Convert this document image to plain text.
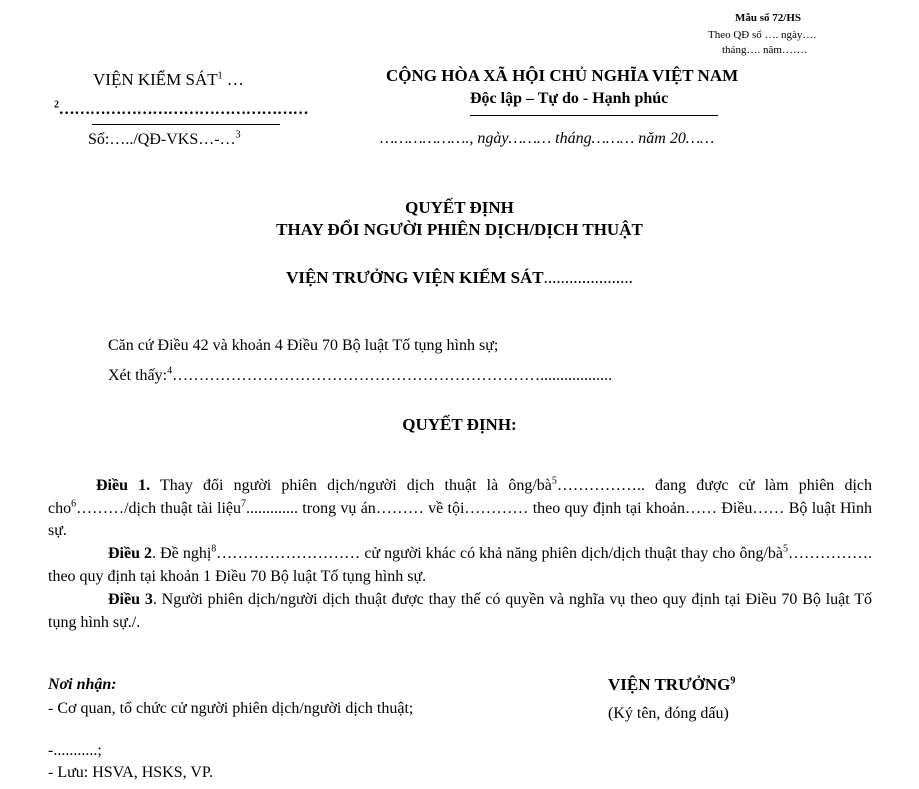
Mẫu số 72/HS
Theo QĐ số …. ngày….
tháng…. năm…….
VIỆN KIỂM SÁT$^1$ …
$^2$…………………………………………
Số:…../QĐ-VKS…-…$^3$
CỘNG HÒA XÃ HỘI CHỦ NGHĨA VIỆT NAM
Độc lập – Tự do - Hạnh phúc
………………., ngày……… tháng……… năm 20……
QUYẾT ĐỊNH
THAY ĐỔI NGƯỜI PHIÊN DỊCH/DỊCH THUẬT
VIỆN TRƯỞNG VIỆN KIỂM SÁT.....................
Căn cứ Điều 42 và khoản 4 Điều 70 Bộ luật Tố tụng hình sự;
Xét thấy:$^4$……………………………………………………………..................
QUYẾT ĐỊNH:
Điều 1. Thay đổi người phiên dịch/người dịch thuật là ông/$bà^5\dots\dots\dots\dots\dots$.. đang được cử làm phiên dịch cho$^6$………/dịch thuật tài liệu$^7$............. trong vụ án……… về tội………… theo quy định tại khoản…… Điều…… Bộ luật Hình sự.
Điều 2. Đề nghị$^8$……………………… cử người khác có khả năng phiên dịch/dịch thuật thay cho ông/$bà^5\dots\dots\dots\dots\dots$. theo quy định tại khoản 1 Điều 70 Bộ luật Tố tụng hình sự.
Điều 3. Người phiên dịch/người dịch thuật được thay thế có quyền và nghĩa vụ theo quy định tại Điều 70 Bộ luật Tố tụng hình sự./.
Nơi nhận:
- Cơ quan, tổ chức cử người phiên dịch/người dịch thuật;
-...........;
- Lưu: HSVA, HSKS, VP.
VIỆN TRƯỞNG$^9$
(Ký tên, đóng dấu)
